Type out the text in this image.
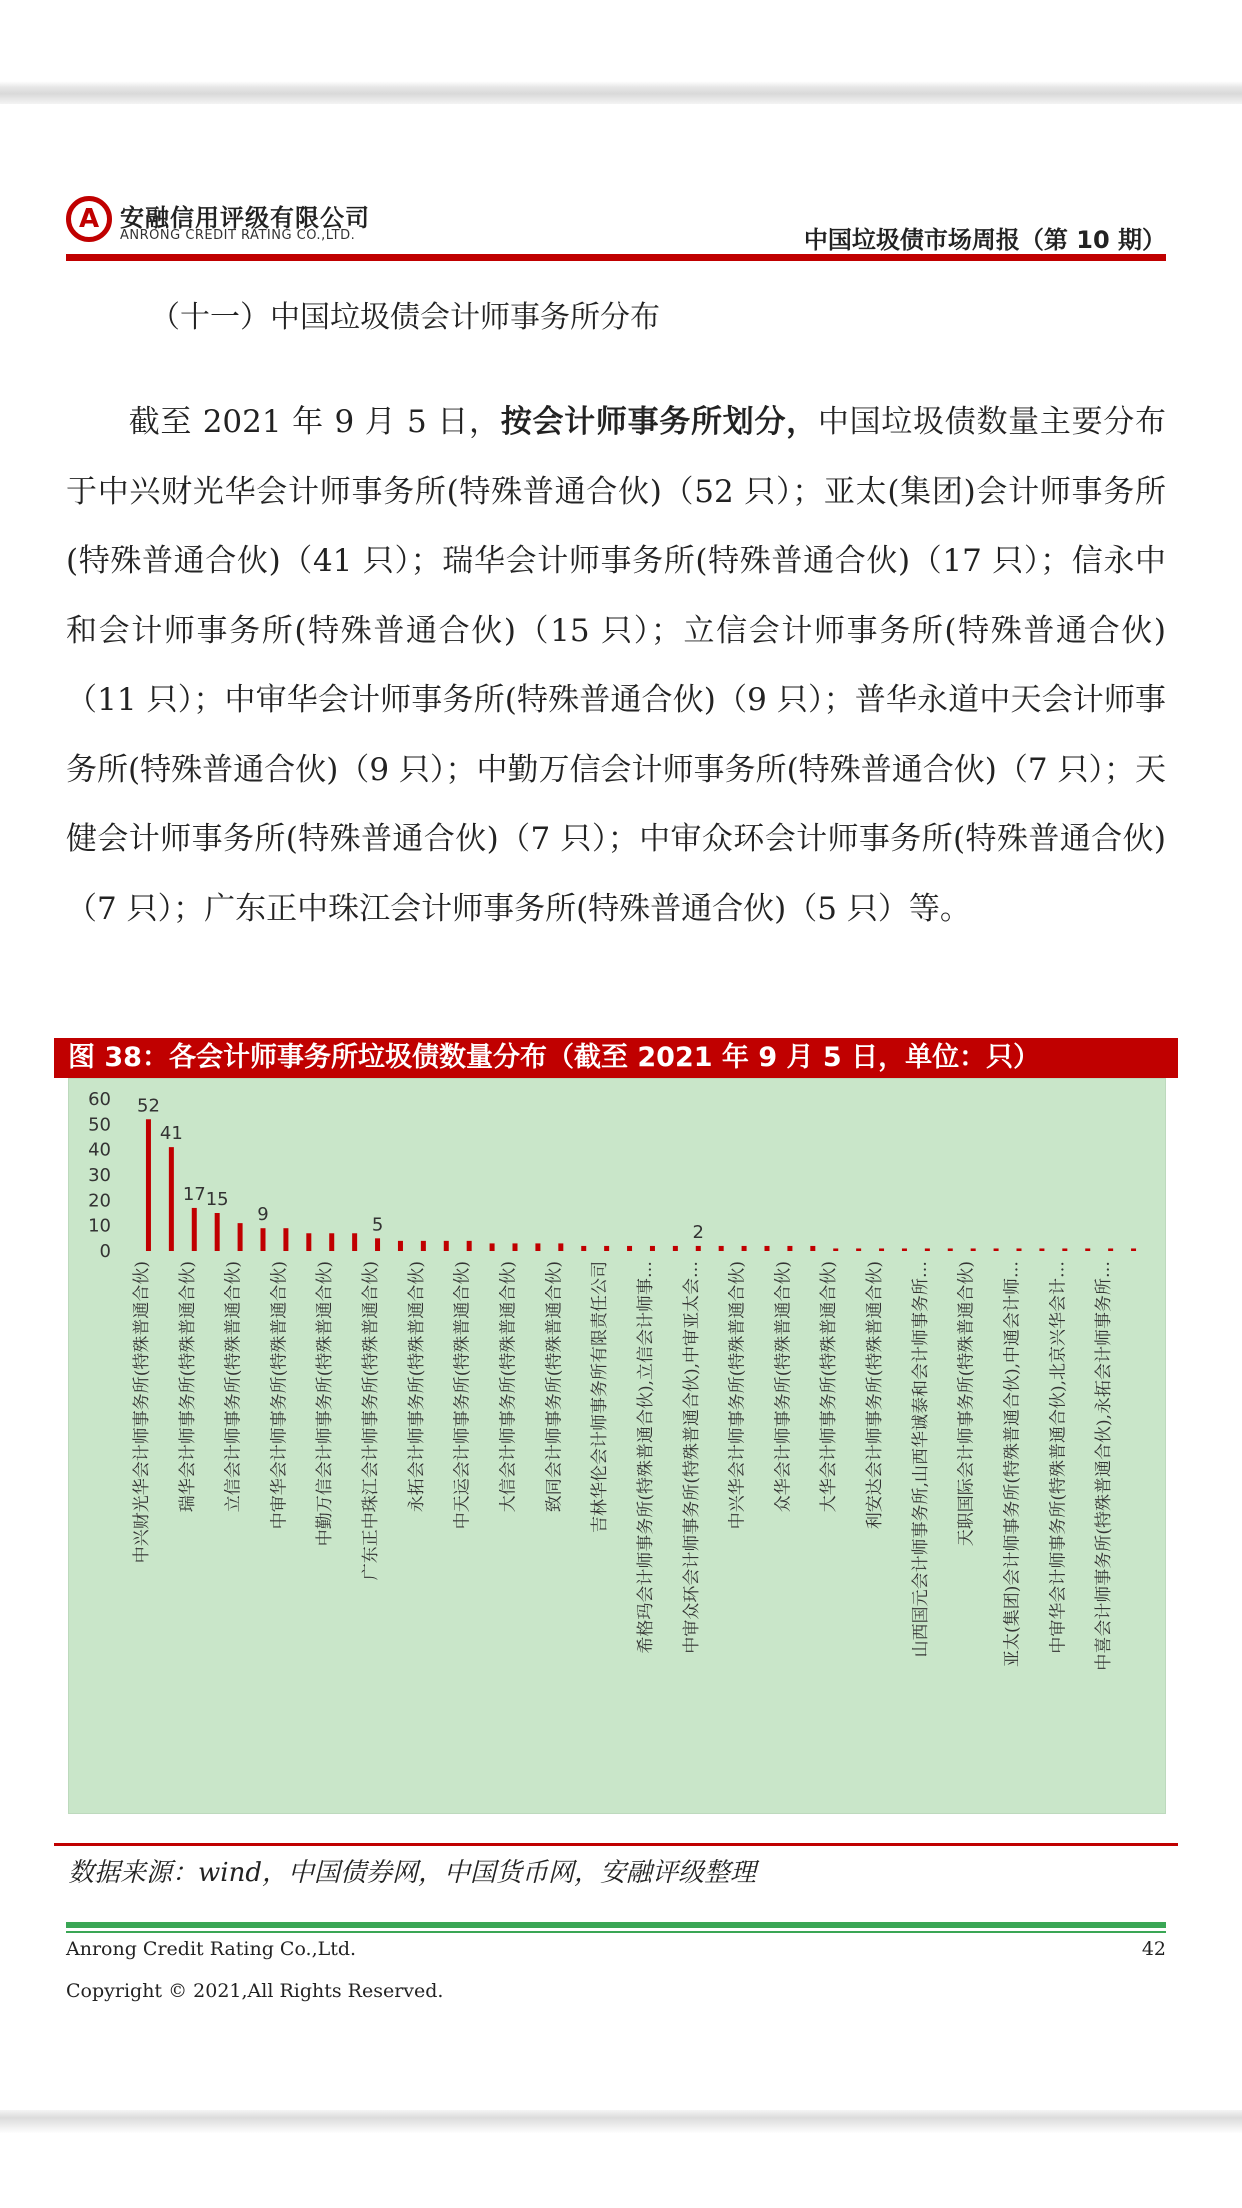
A 安融信用评级有限公司
ANRONG CREDIT RATING CO.,LTD.	中国垃圾债市场周报（第 10 期）
（十一）中国垃圾债会计师事务所分布
  截至 2021 年 9 月 5 日，按会计师事务所划分，中国垃圾债数量主要分布于中兴财光华会计师事务所(特殊普通合伙)（52 只）；亚太(集团)会计师事务所(特殊普通合伙)（41 只）；瑞华会计师事务所(特殊普通合伙)（17 只）；信永中和会计师事务所(特殊普通合伙)（15 只）；立信会计师事务所(特殊普通合伙)（11 只）；中审华会计师事务所(特殊普通合伙)（9 只）；普华永道中天会计师事务所(特殊普通合伙)（9 只）；中勤万信会计师事务所(特殊普通合伙)（7 只）；天健会计师事务所(特殊普通合伙)（7 只）；中审众环会计师事务所(特殊普通合伙)（7 只）；广东正中珠江会计师事务所(特殊普通合伙)（5 只）等。
图 38：各会计师事务所垃圾债数量分布（截至 2021 年 9 月 5 日，单位：只）
0
10
20
30
40
50
60 52
41
17 15
9	5	2
中兴财光华会计师事务所(特殊普通合伙) 瑞华会计师事务所(特殊普通合伙) 立信会计师事务所(特殊普通合伙) 中审华会计师事务所(特殊普通合伙) 中勤万信会计师事务所(特殊普通合伙) 广东正中珠江会计师事务所(特殊普通合伙) 永拓会计师事务所(特殊普通合伙) 中天运会计师事务所(特殊普通合伙) 大信会计师事务所(特殊普通合伙) 致同会计师事务所(特殊普通合伙) 吉林华伦会计师事务所有限责任公司 希格玛会计师事务所(特殊普通合伙),立信会计师事… 中审众环会计师事务所(特殊普通合伙),中审亚太会… 中兴华会计师事务所(特殊普通合伙) 众华会计师事务所(特殊普通合伙) 大华会计师事务所(特殊普通合伙) 利安达会计师事务所(特殊普通合伙) 山西国元会计师事务所,山西华诚泰和会计师事务所… 天职国际会计师事务所(特殊普通合伙) 亚太(集团)会计师事务所(特殊普通合伙),中通会计师… 中审华会计师事务所(特殊普通合伙),北京兴华会计… 中喜会计师事务所(特殊普通合伙),永拓会计师事务所…
数据来源：wind，中国债券网，中国货币网，安融评级整理
Anrong Credit Rating Co.,Ltd.	42
Copyright © 2021,All Rights Reserved.
